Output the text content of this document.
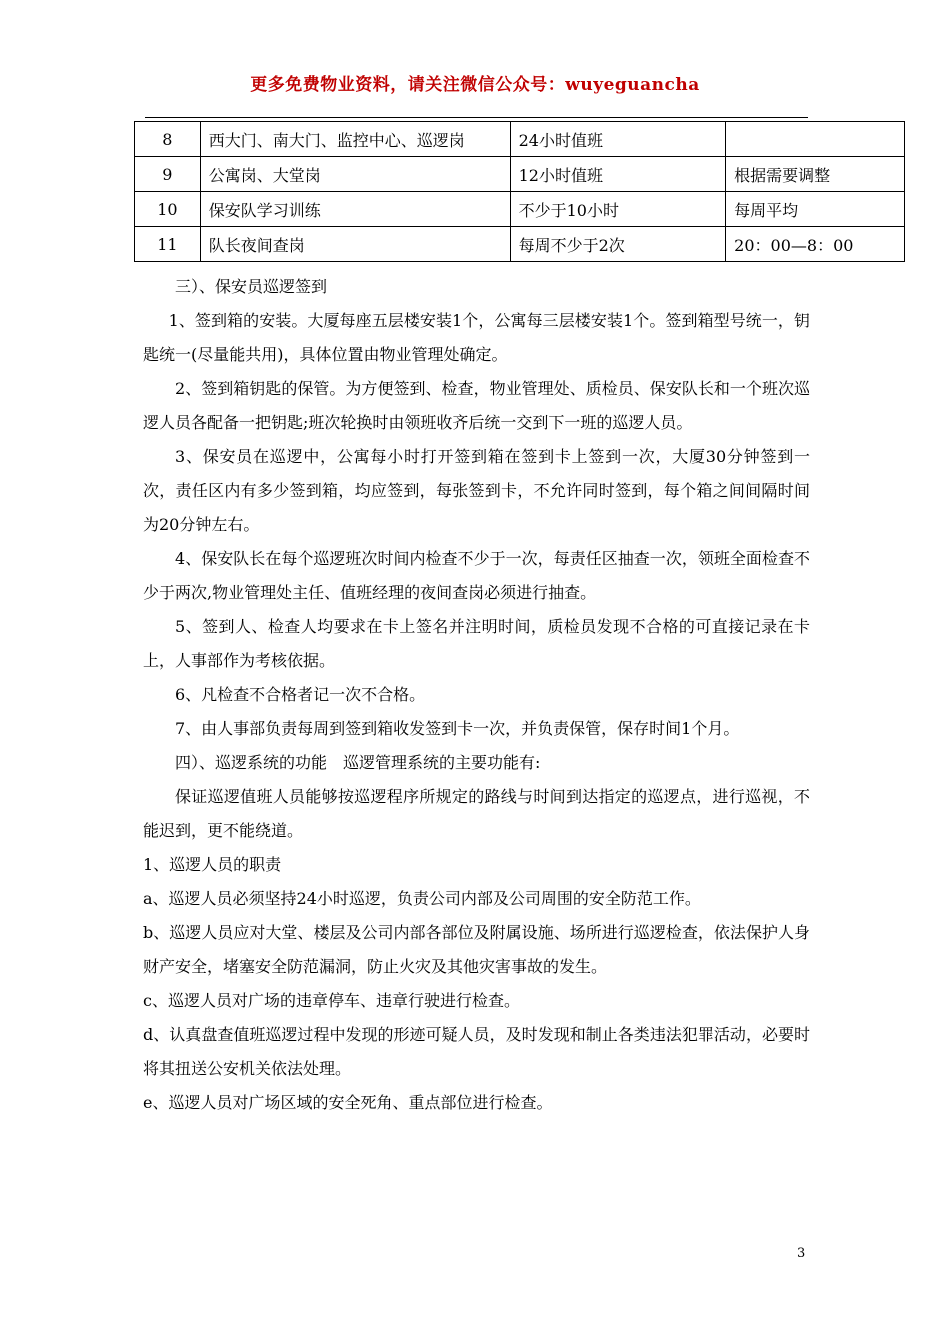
更多免费物业资料，请关注微信公众号：wuyeguancha
8	西大门、南大门、监控中心、巡逻岗	24小时值班	
9	公寓岗、大堂岗	12小时值班	根据需要调整
10	保安队学习训练	不少于10小时	每周平均
11	队长夜间查岗	每周不少于2次	20：00—8：00

三）、保安员巡逻签到

1、签到箱的安装。大厦每座五层楼安装1个，公寓每三层楼安装1个。签到箱型号统一，钥匙统一(尽量能共用)，具体位置由物业管理处确定。

2、签到箱钥匙的保管。为方便签到、检查，物业管理处、质检员、保安队长和一个班次巡逻人员各配备一把钥匙;班次轮换时由领班收齐后统一交到下一班的巡逻人员。

3、保安员在巡逻中，公寓每小时打开签到箱在签到卡上签到一次，大厦30分钟签到一次，责任区内有多少签到箱，均应签到，每张签到卡，不允许同时签到，每个箱之间间隔时间为20分钟左右。

4、保安队长在每个巡逻班次时间内检查不少于一次，每责任区抽查一次，领班全面检查不少于两次,物业管理处主任、值班经理的夜间查岗必须进行抽查。

5、签到人、检查人均要求在卡上签名并注明时间，质检员发现不合格的可直接记录在卡上，人事部作为考核依据。

6、凡检查不合格者记一次不合格。

7、由人事部负责每周到签到箱收发签到卡一次，并负责保管，保存时间1个月。

四）、巡逻系统的功能　巡逻管理系统的主要功能有:

保证巡逻值班人员能够按巡逻程序所规定的路线与时间到达指定的巡逻点，进行巡视，不能迟到，更不能绕道。

1、巡逻人员的职责

a、巡逻人员必须坚持24小时巡逻，负责公司内部及公司周围的安全防范工作。

b、巡逻人员应对大堂、楼层及公司内部各部位及附属设施、场所进行巡逻检查，依法保护人身财产安全，堵塞安全防范漏洞，防止火灾及其他灾害事故的发生。

c、巡逻人员对广场的违章停车、违章行驶进行检查。

d、认真盘查值班巡逻过程中发现的形迹可疑人员，及时发现和制止各类违法犯罪活动，必要时将其扭送公安机关依法处理。

e、巡逻人员对广场区域的安全死角、重点部位进行检查。

3
